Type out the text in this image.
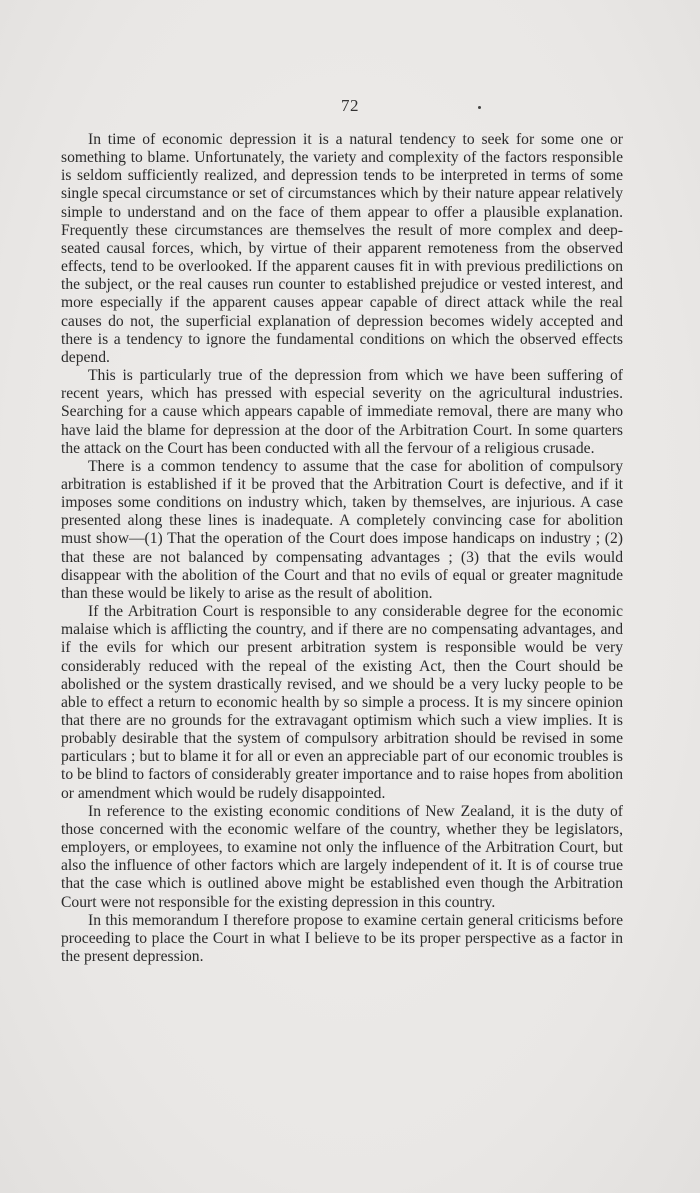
72

In time of economic depression it is a natural tendency to seek for some one or something to blame. Unfortunately, the variety and complexity of the factors responsible is seldom sufficiently realized, and depression tends to be interpreted in terms of some single specal circumstance or set of circumstances which by their nature appear relatively simple to understand and on the face of them appear to offer a plausible explanation. Frequently these circumstances are themselves the result of more complex and deep-seated causal forces, which, by virtue of their apparent remoteness from the observed effects, tend to be overlooked. If the apparent causes fit in with previous predilictions on the subject, or the real causes run counter to established prejudice or vested interest, and more especially if the apparent causes appear capable of direct attack while the real causes do not, the superficial explanation of depression becomes widely accepted and there is a tendency to ignore the fundamental conditions on which the observed effects depend.

This is particularly true of the depression from which we have been suffering of recent years, which has pressed with especial severity on the agricultural industries. Searching for a cause which appears capable of immediate removal, there are many who have laid the blame for depression at the door of the Arbitration Court. In some quarters the attack on the Court has been conducted with all the fervour of a religious crusade.

There is a common tendency to assume that the case for abolition of compulsory arbitration is established if it be proved that the Arbitration Court is defective, and if it imposes some conditions on industry which, taken by themselves, are injurious. A case presented along these lines is inadequate. A completely convincing case for abolition must show—(1) That the operation of the Court does impose handicaps on industry ; (2) that these are not balanced by compensating advantages ; (3) that the evils would disappear with the abolition of the Court and that no evils of equal or greater magnitude than these would be likely to arise as the result of abolition.

If the Arbitration Court is responsible to any considerable degree for the economic malaise which is afflicting the country, and if there are no compensating advantages, and if the evils for which our present arbitration system is responsible would be very considerably reduced with the repeal of the existing Act, then the Court should be abolished or the system drastically revised, and we should be a very lucky people to be able to effect a return to economic health by so simple a process. It is my sincere opinion that there are no grounds for the extravagant optimism which such a view implies. It is probably desirable that the system of compulsory arbitration should be revised in some particulars ; but to blame it for all or even an appreciable part of our economic troubles is to be blind to factors of considerably greater importance and to raise hopes from abolition or amendment which would be rudely disappointed.

In reference to the existing economic conditions of New Zealand, it is the duty of those concerned with the economic welfare of the country, whether they be legislators, employers, or employees, to examine not only the influence of the Arbitration Court, but also the influence of other factors which are largely independent of it. It is of course true that the case which is outlined above might be established even though the Arbitration Court were not responsible for the existing depression in this country.

In this memorandum I therefore propose to examine certain general criticisms before proceeding to place the Court in what I believe to be its proper perspective as a factor in the present depression.
